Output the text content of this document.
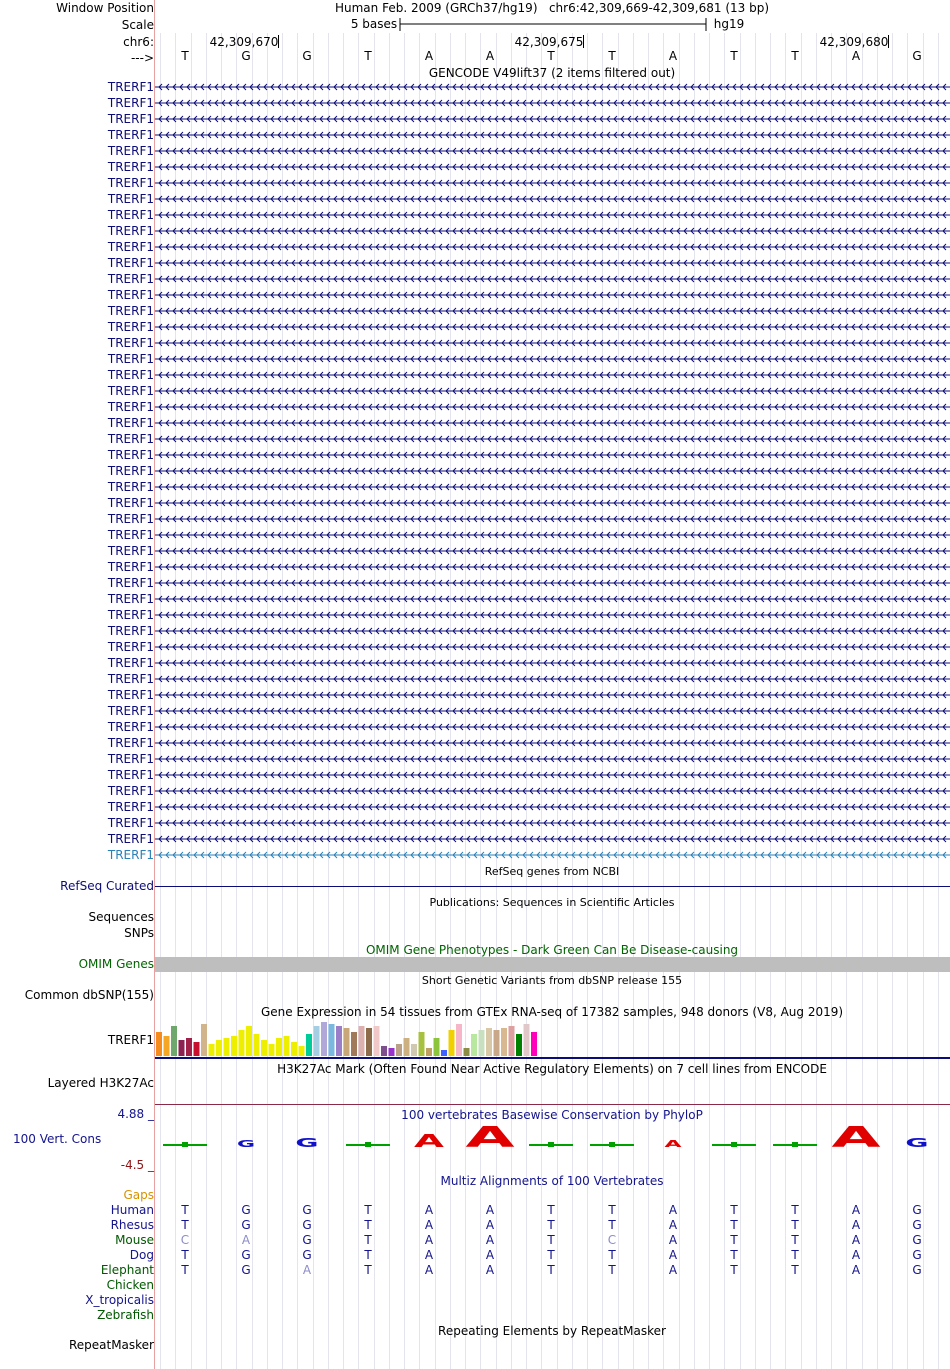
Window Position	Human Feb. 2009 (GRCh37/hg19) chr6:42,309,669-42,309,681 (13 bp)
Scale	5 bases	hg19
chr6:	42,309,670	42,309,675	42,309,680
---> T	G	G	T	A	A	T	T	A	T	T	A	G
GENCODE V49lift37 (2 items filtered out)
TRERF1
TRERF1
TRERF1
TRERF1
TRERF1
TRERF1
TRERF1
TRERF1
TRERF1
TRERF1
TRERF1
TRERF1
TRERF1
TRERF1
TRERF1
TRERF1
TRERF1
TRERF1
TRERF1
TRERF1
TRERF1
TRERF1
TRERF1
TRERF1
TRERF1
TRERF1
TRERF1
TRERF1
TRERF1
TRERF1
TRERF1
TRERF1
TRERF1
TRERF1
TRERF1
TRERF1
TRERF1
TRERF1
TRERF1
TRERF1
TRERF1
TRERF1
TRERF1
TRERF1
TRERF1
TRERF1
TRERF1
TRERF1
TRERF1
RefSeq genes from NCBI
RefSeq Curated
Publications: Sequences in Scientific Articles
Sequences
SNPs
OMIM Gene Phenotypes - Dark Green Can Be Disease-causing
OMIM Genes
Short Genetic Variants from dbSNP release 155
Common dbSNP(155)
Gene Expression in 54 tissues from GTEx RNA-seq of 17382 samples, 948 donors (V8, Aug 2019)
TRERF1
H3K27Ac Mark (Often Found Near Active Regulatory Elements) on 7 cell lines from ENCODE
Layered H3K27Ac
100 vertebrates Basewise Conservation by PhyloP
4.88 _
100 Vert. Cons
-4.5 _
G	G	A A	A	A G
Multiz Alignments of 100 Vertebrates
Gaps
Human T	G	G	T	A	A	T	T	A	T	T	A	G
Rhesus T	G	G	T	A	A	T	T	A	T	T	A	G
Mouse C	A	G	T	A	A	T	C	A	T	T	A	G
Dog T	G	G	T	A	A	T	T	A	T	T	A	G
Elephant T	G	A	T	A	A	T	T	A	T	T	A	G
Chicken
X_tropicalis
Zebrafish
Repeating Elements by RepeatMasker
RepeatMasker
